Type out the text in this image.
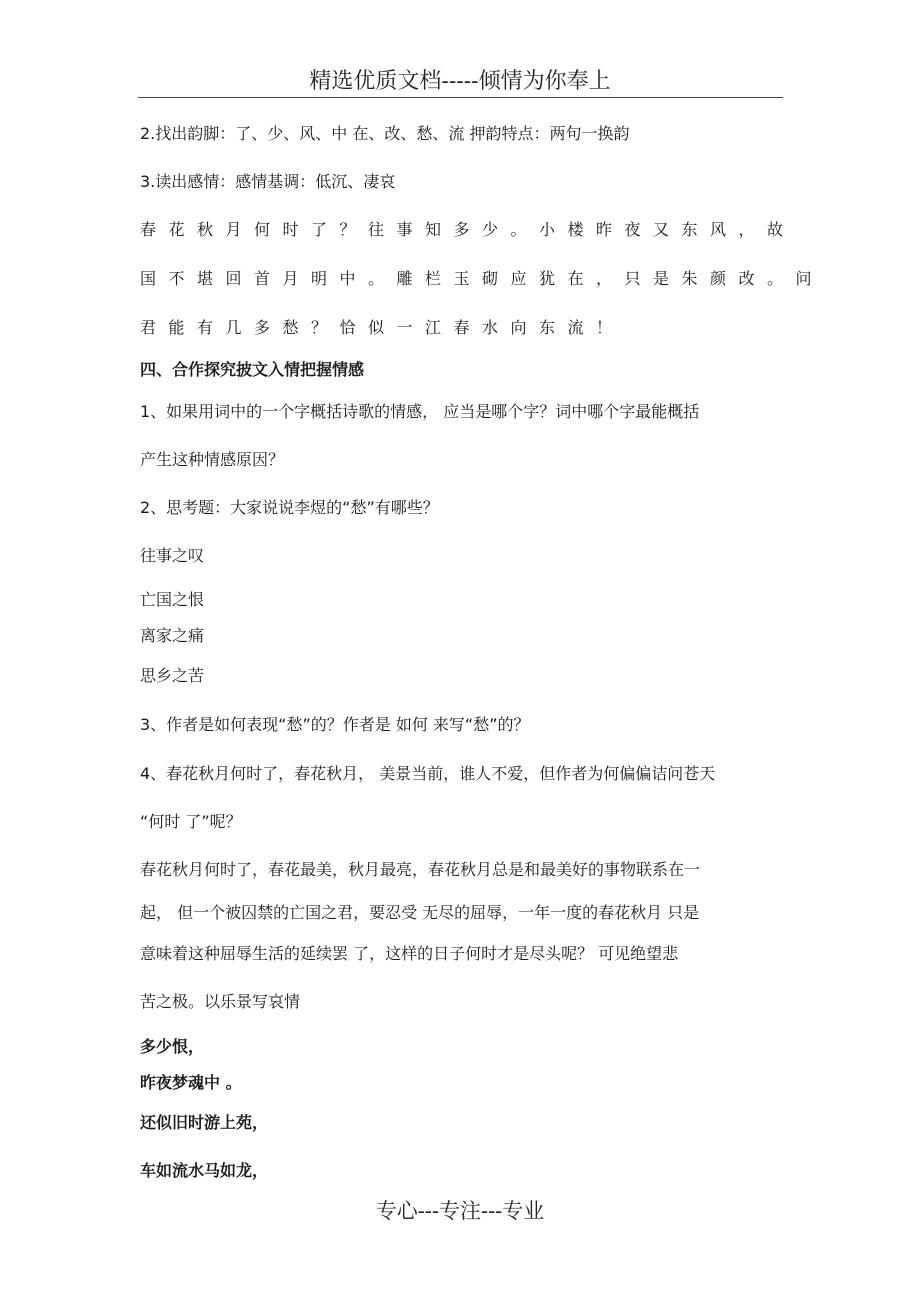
精选优质文档-----倾情为你奉上
2.找出韵脚：了、少、风、中 在、改、愁、流 押韵特点：两句一换韵
3.读出感情：感情基调：低沉、凄哀
春花秋月何时了？往事知多少。小楼昨夜又东风，故
国不堪回首月明中。雕栏玉砌应犹在，只是朱颜改。问
君能有几多愁？恰似一江春水向东流！
四、合作探究披文入情把握情感
1、如果用词中的一个字概括诗歌的情感， 应当是哪个字？词中哪个字最能概括
产生这种情感原因？
2、思考题：大家说说李煜的“愁”有哪些？
往事之叹
亡国之恨
离家之痛
思乡之苦
3、作者是如何表现“愁”的？作者是 如何 来写“愁”的？
4、春花秋月何时了，春花秋月， 美景当前，谁人不爱，但作者为何偏偏诘问苍天
“何时 了”呢？
春花秋月何时了，春花最美，秋月最亮，春花秋月总是和最美好的事物联系在一
起， 但一个被囚禁的亡国之君，要忍受 无尽的屈辱，一年一度的春花秋月 只是
意味着这种屈辱生活的延续罢 了，这样的日子何时才是尽头呢？ 可见绝望悲
苦之极。以乐景写哀情
多少恨，
昨夜梦魂中 。
还似旧时游上苑，
车如流水马如龙，
专心---专注---专业
